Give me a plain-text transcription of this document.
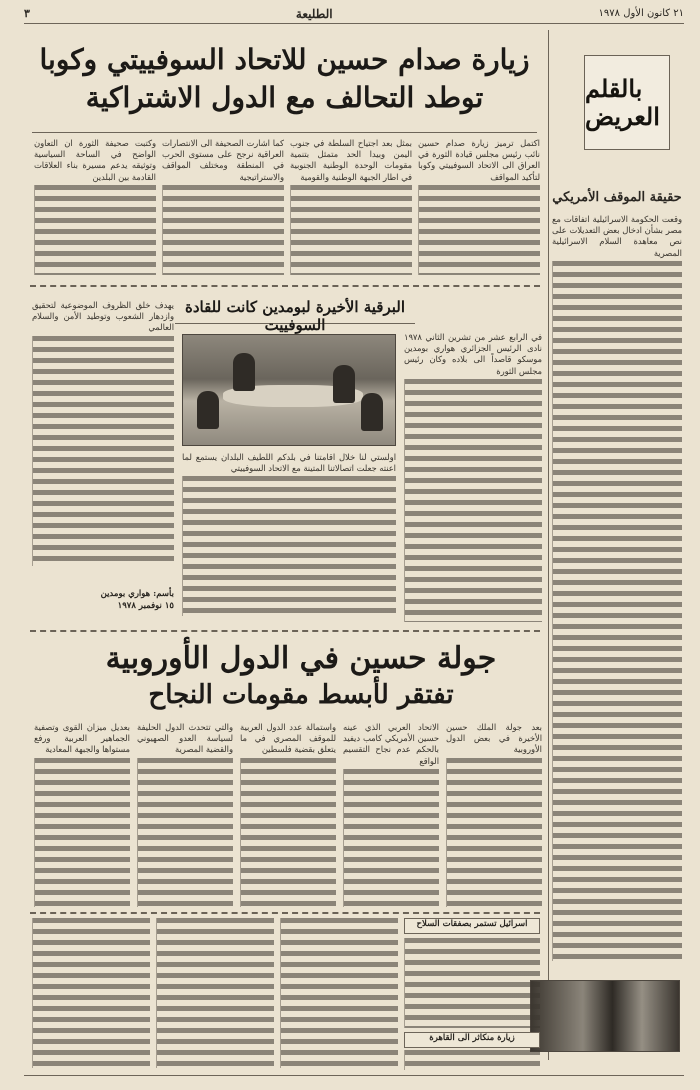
٣	الطليعة	٢١ كانون الأول ١٩٧٨
زيارة صدام حسين للاتحاد السوفييتي وكوبا
توطد التحالف مع الدول الاشتراكية
اكتمل ترميز زيارة صدام حسين نائب رئيس مجلس قيادة الثورة في العراق الى الاتحاد السوفييتي وكوبا لتأكيد المواقف
بمثل بعد اجتياح السلطة في جنوب اليمن وبيدا الحد متمثل بتنمية مقومات الوحدة الوطنية الجنوبية في اطار الجبهة الوطنية والقومية
كما اشارت الصحيفة الى الانتصارات العراقية نرجح على مستوى الحرب في المنطقة ومختلف المواقف والاستراتيجية
وكتبت صحيفة الثورة ان التعاون الواضح في الساحة السياسية وتوثيقه يدعم مسيرة بناء العلاقات القادمة بين البلدين
بالقلم العريض
حقيقة الموقف الأمريكي
وقعت الحكومة الاسرائيلية اتفاقات مع مصر بشأن ادخال بعض التعديلات على نص معاهدة السلام الاسرائيلية المصرية
البرقية الأخيرة لبومدين كانت للقادة السوفييت
في الرابع عشر من تشرين الثاني ١٩٧٨ نادى الرئيس الجزائري هواري بومدين موسكو قاصداً الى بلاده وكان رئيس مجلس الثورة
اولستي لنا خلال اقامتنا في بلدكم اللطيف البلدان يستمع لما اعنته جعلت اتصالاتنا المتينة مع الاتحاد السوفييتي
يهدف خلق الظروف الموضوعية لتحقيق وازدهار الشعوب وتوطيد الأمن والسلام العالمي
بأسم: هواري بومدين
١٥ نوفمبر ١٩٧٨
جولة حسين في الدول الأوروبية
تفتقر لأبسط مقومات النجاح
بعد جولة الملك حسين الأخيرة في بعض الدول الأوروبية
الاتحاد العربي الذي عينه حسين الأمريكي كامب ديفيد بالحكم عدم نجاح التقسيم الواقع
واستمالة عدد الدول العربية للموقف المصري في ما يتعلق بقضية فلسطين
والتي تتحدث الدول الحليفة لسياسة العدو الصهيوني والقضية المصرية
بعديل ميزان القوى وتصفية الجماهير العربية ورفع مستواها والجبهة المعادية
اسرائيل تستمر بصفقات السلاح
زيارة منكاثر الى القاهرة
